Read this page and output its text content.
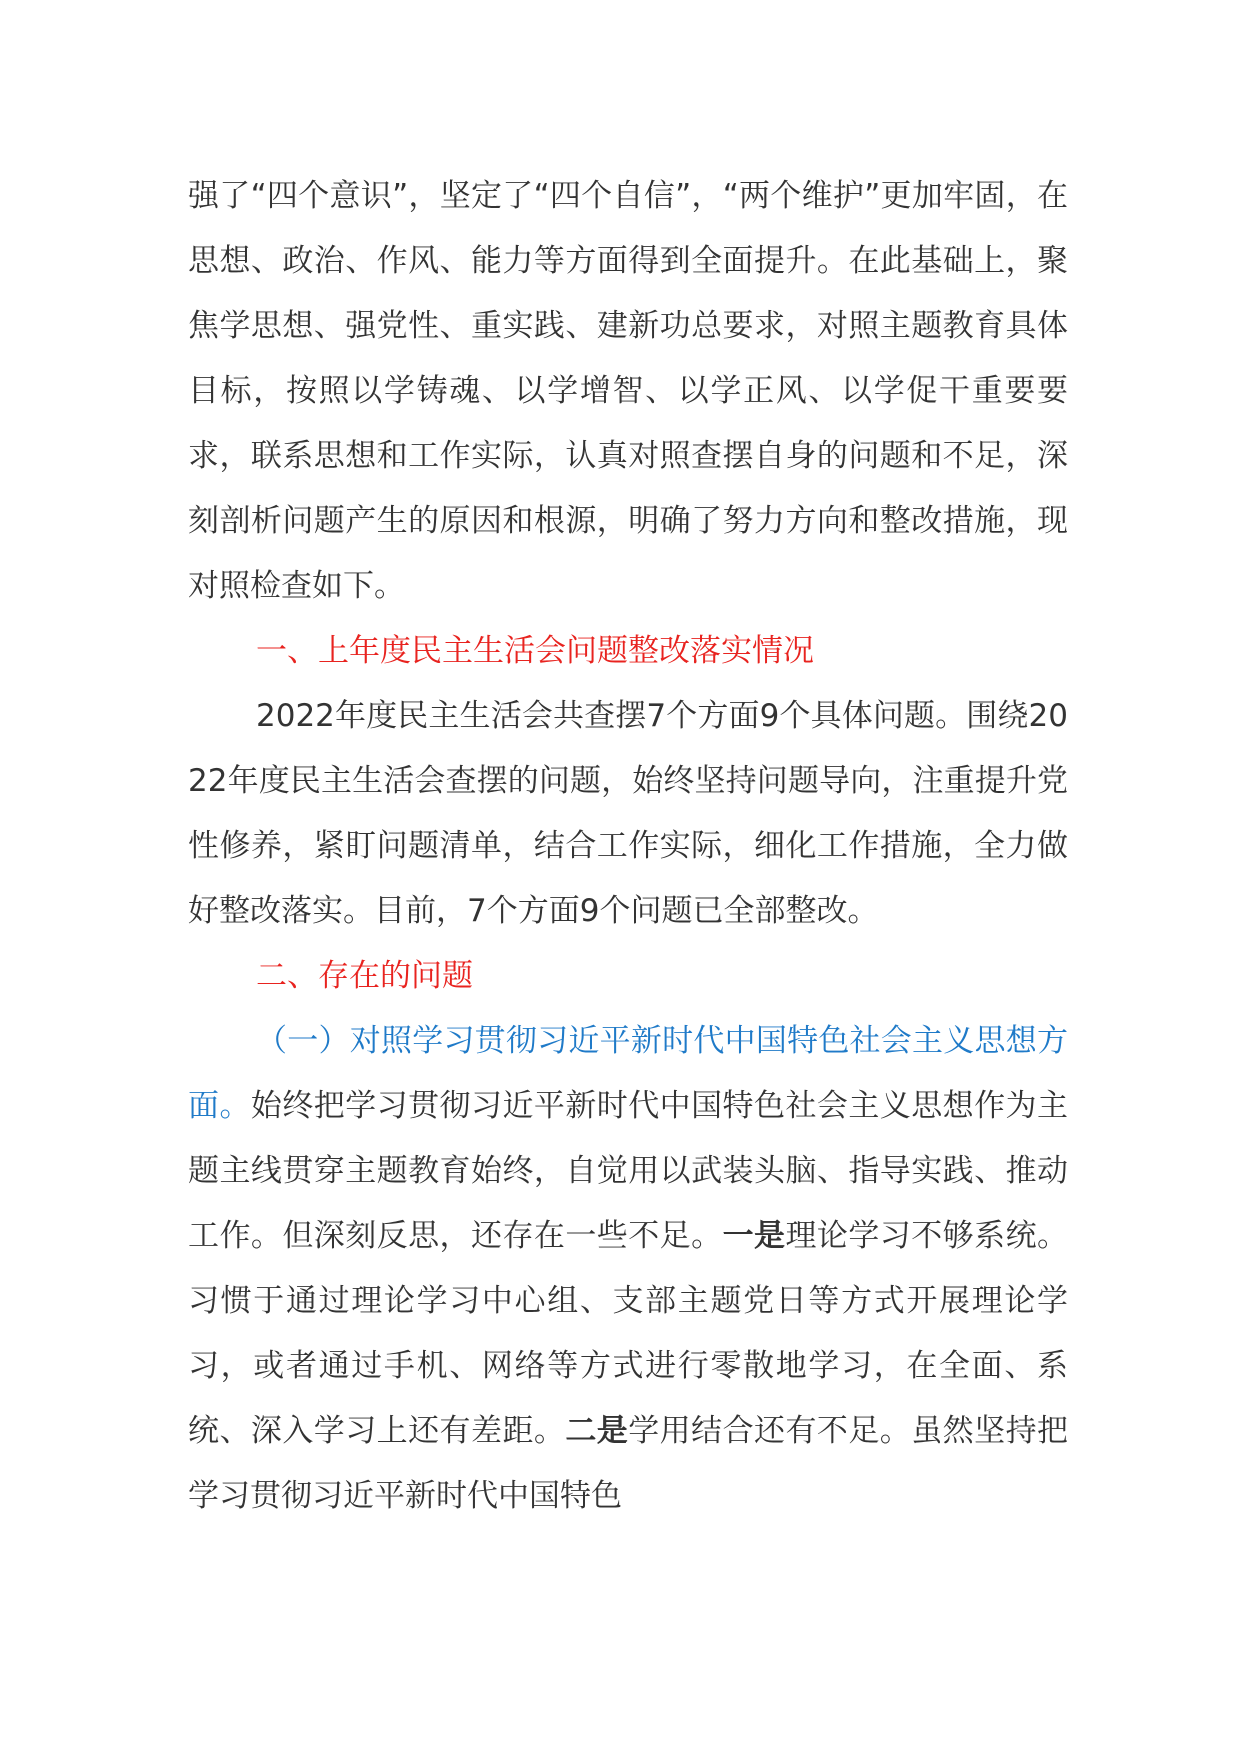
强了“四个意识”，坚定了“四个自信”，“两个维护”更加牢固，在思想、政治、作风、能力等方面得到全面提升。在此基础上，聚焦学思想、强党性、重实践、建新功总要求，对照主题教育具体目标，按照以学铸魂、以学增智、以学正风、以学促干重要要求，联系思想和工作实际，认真对照查摆自身的问题和不足，深刻剖析问题产生的原因和根源，明确了努力方向和整改措施，现对照检查如下。

一、上年度民主生活会问题整改落实情况

2022年度民主生活会共查摆7个方面9个具体问题。围绕2022年度民主生活会查摆的问题，始终坚持问题导向，注重提升党性修养，紧盯问题清单，结合工作实际，细化工作措施，全力做好整改落实。目前，7个方面9个问题已全部整改。

二、存在的问题

（一）对照学习贯彻习近平新时代中国特色社会主义思想方面。始终把学习贯彻习近平新时代中国特色社会主义思想作为主题主线贯穿主题教育始终，自觉用以武装头脑、指导实践、推动工作。但深刻反思，还存在一些不足。一是理论学习不够系统。习惯于通过理论学习中心组、支部主题党日等方式开展理论学习，或者通过手机、网络等方式进行零散地学习，在全面、系统、深入学习上还有差距。二是学用结合还有不足。虽然坚持把学习贯彻习近平新时代中国特色
